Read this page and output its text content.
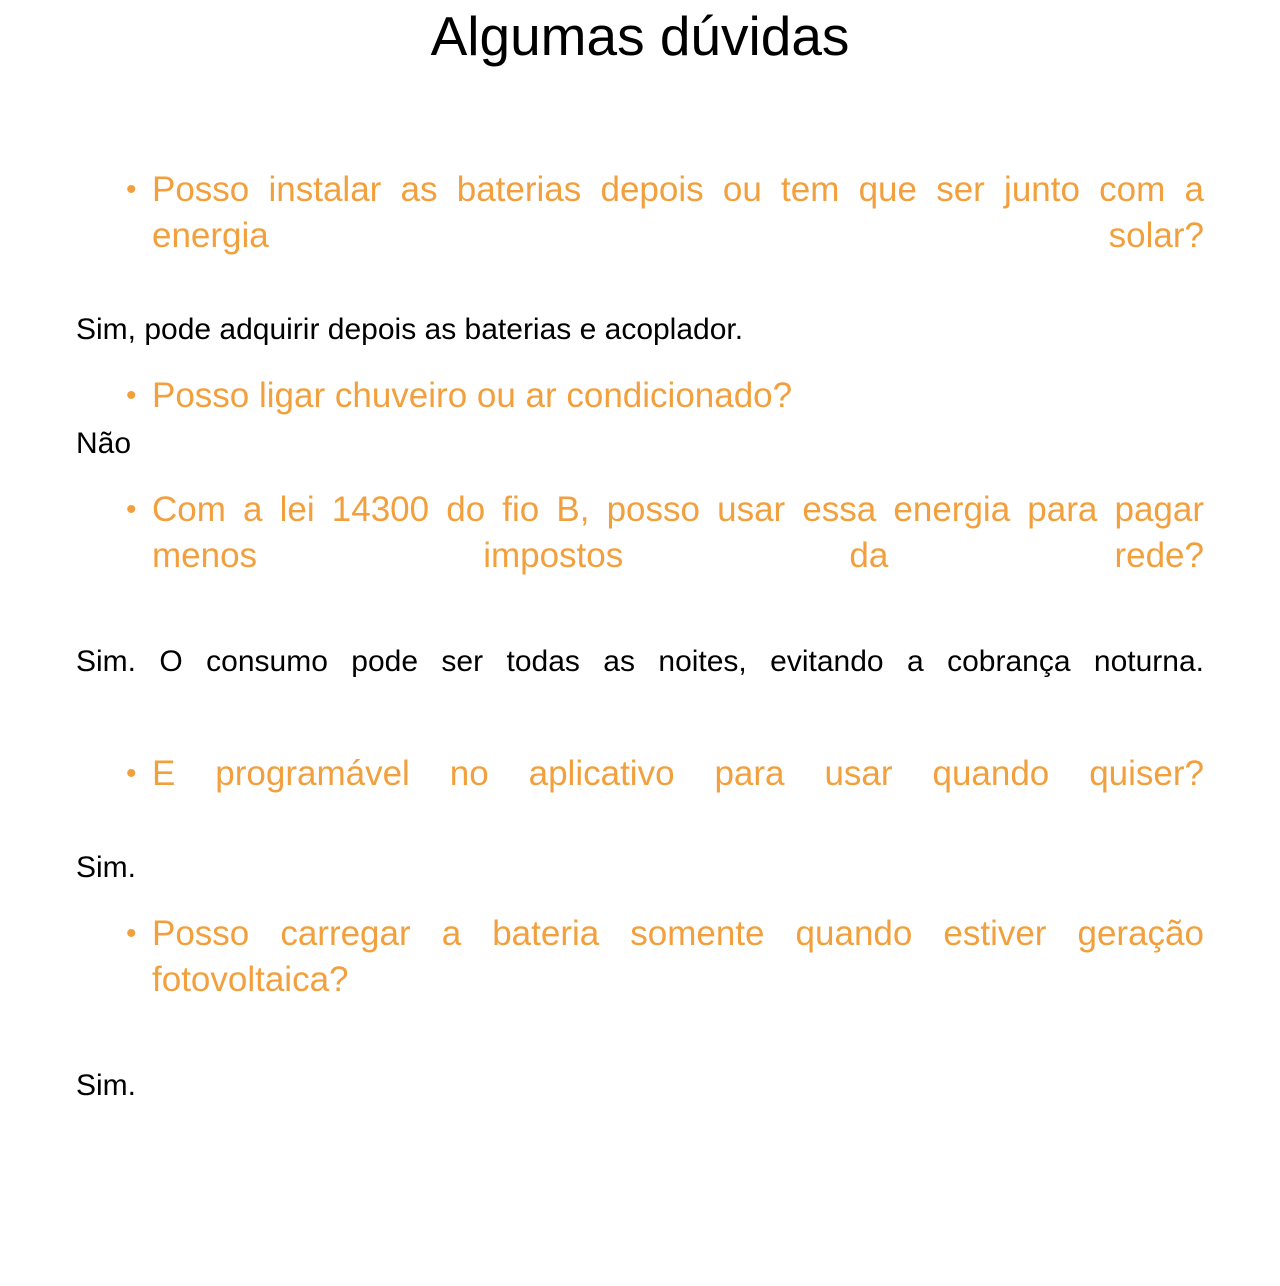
Algumas dúvidas
• Posso instalar as baterias depois ou tem que ser junto com a energia solar?

Sim, pode adquirir depois as baterias e acoplador.

• Posso ligar chuveiro ou ar condicionado?

Não

• Com a lei 14300 do fio B, posso usar essa energia para pagar menos impostos da rede?

Sim. O consumo pode ser todas as noites, evitando a cobrança noturna.

• E programável no aplicativo para usar quando quiser?

Sim.

• Posso carregar a bateria somente quando estiver geração fotovoltaica?

Sim.
